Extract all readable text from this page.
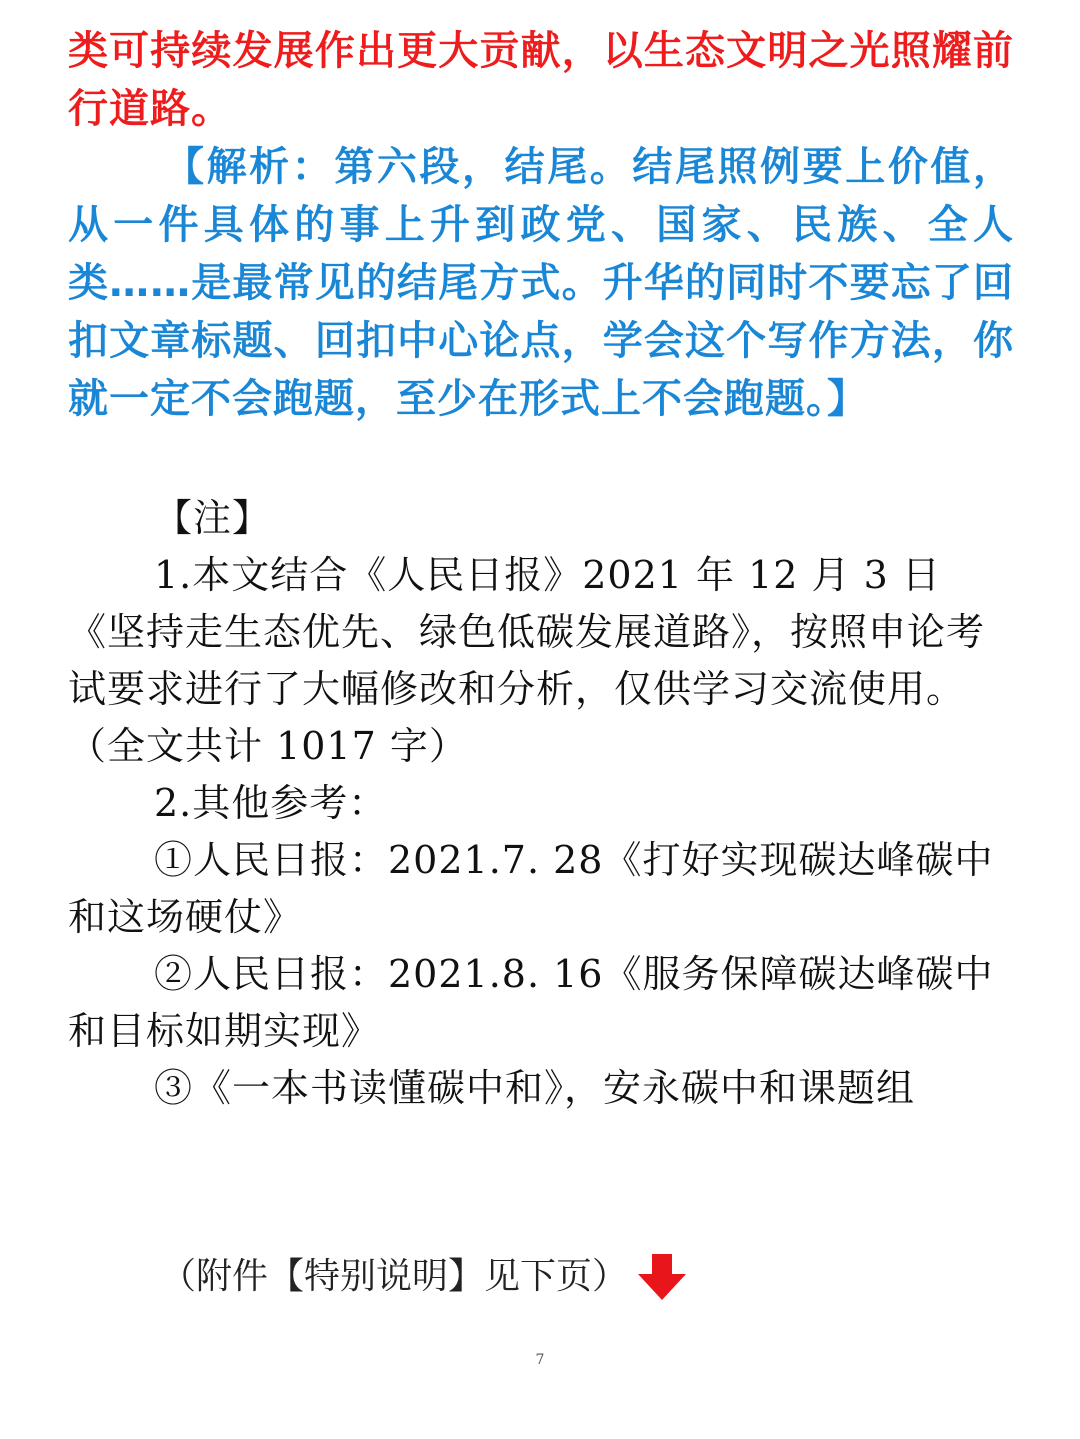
类可持续发展作出更大贡献，以生态文明之光照耀前行道路。

【解析：第六段，结尾。结尾照例要上价值，从一件具体的事上升到政党、国家、民族、全人类……是最常见的结尾方式。升华的同时不要忘了回扣文章标题、回扣中心论点，学会这个写作方法，你就一定不会跑题，至少在形式上不会跑题。】

【注】

1.本文结合《人民日报》2021 年 12 月 3 日《坚持走生态优先、绿色低碳发展道路》，按照申论考试要求进行了大幅修改和分析，仅供学习交流使用。（全文共计 1017 字）

2.其他参考：

①人民日报：2021.7. 28《打好实现碳达峰碳中和这场硬仗》

②人民日报：2021.8. 16《服务保障碳达峰碳中和目标如期实现》

③《一本书读懂碳中和》，安永碳中和课题组

（附件【特别说明】见下页）
7
